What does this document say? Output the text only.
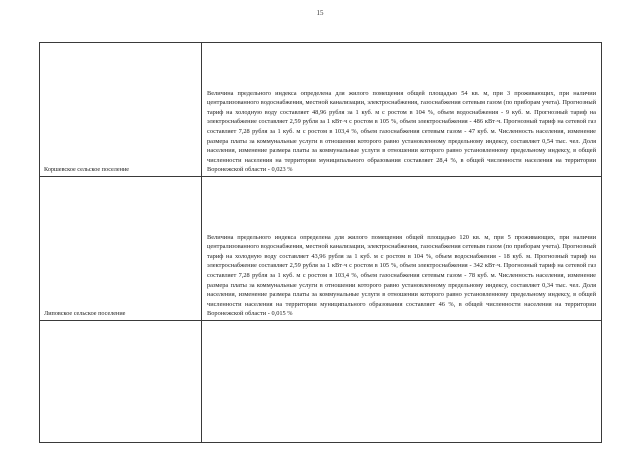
15
Коршевское сельское поселение	Величина предельного индекса определена для жилого помещения общей площадью 54 кв. м, при 3 проживающих, при наличии централизованного водоснабжения, местной канализации, электроснабжения, газоснабжения сетевым газом (по приборам учета). Прогнозный тариф на холодную воду составляет 48,96 рубля за 1 куб. м с ростом в 104 %, объем водоснабжения - 9 куб. м. Прогнозный тариф на электроснабжение составляет 2,59 рубля за 1 кВт·ч с ростом в 105 %, объем электроснабжения - 486 кВт·ч. Прогнозный тариф на сетевой газ составляет 7,28 рубля за 1 куб. м с ростом в 103,4 %, объем газоснабжения сетевым газом - 47 куб. м. Численность населения, изменение размера платы за коммунальные услуги в отношении которого равно установленному предельному индексу, составляет 0,54 тыс. чел. Доля населения, изменение размера платы за коммунальные услуги в отношении которого равно установленному предельному индексу, в общей численности населения на территории муниципального образования составляет 28,4 %, в общей численности населения на территории Воронежской области - 0,023 %

Липовское сельское поселение	Величина предельного индекса определена для жилого помещения общей площадью 120 кв. м, при 5 проживающих, при наличии централизованного водоснабжения, местной канализации, электроснабжения, газоснабжения сетевым газом (по приборам учета). Прогнозный тариф на холодную воду составляет 43,96 рубля за 1 куб. м с ростом в 104 %, объем водоснабжения - 18 куб. м. Прогнозный тариф на электроснабжение составляет 2,59 рубля за 1 кВт·ч с ростом в 105 %, объем электроснабжения - 342 кВт·ч. Прогнозный тариф на сетевой газ составляет 7,28 рубля за 1 куб. м с ростом в 103,4 %, объем газоснабжения сетевым газом - 78 куб. м. Численность населения, изменение размера платы за коммунальные услуги в отношении которого равно установленному предельному индексу, составляет 0,34 тыс. чел. Доля населения, изменение размера платы за коммунальные услуги в отношении которого равно установленному предельному индексу, в общей численности населения на территории муниципального образования составляет 46 %, в общей численности населения на территории Воронежской области - 0,015 %
